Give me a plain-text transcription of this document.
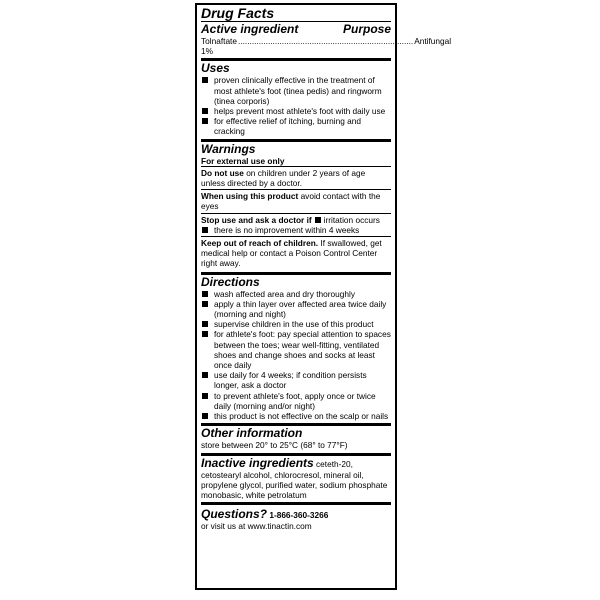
Drug Facts
Active ingredient	Purpose
Tolnaftate 1%
............................................................................ Antifungal
Uses
proven clinically effective in the treatment of most athlete's foot (tinea pedis) and ringworm (tinea corporis)
helps prevent most athlete's foot with daily use
for effective relief of itching, burning and cracking
Warnings
For external use only
Do not use on children under 2 years of age unless directed by a doctor.
When using this product avoid contact with the eyes
Stop use and ask a doctor if irritation occurs
there is no improvement within 4 weeks
Keep out of reach of children. If swallowed, get medical help or contact a Poison Control Center right away.
Directions
wash affected area and dry thoroughly
apply a thin layer over affected area twice daily (morning and night)
supervise children in the use of this product
for athlete's foot: pay special attention to spaces between the toes; wear well-fitting, ventilated shoes and change shoes and socks at least once daily
use daily for 4 weeks; if condition persists longer, ask a doctor
to prevent athlete's foot, apply once or twice daily (morning and/or night)
this product is not effective on the scalp or nails
Other information
store between 20° to 25°C (68° to 77°F)
Inactive ingredients ceteth-20, cetostearyl alcohol, chlorocresol, mineral oil, propylene glycol, purified water, sodium phosphate monobasic, white petrolatum
Questions? 1-866-360-3266
or visit us at www.tinactin.com
